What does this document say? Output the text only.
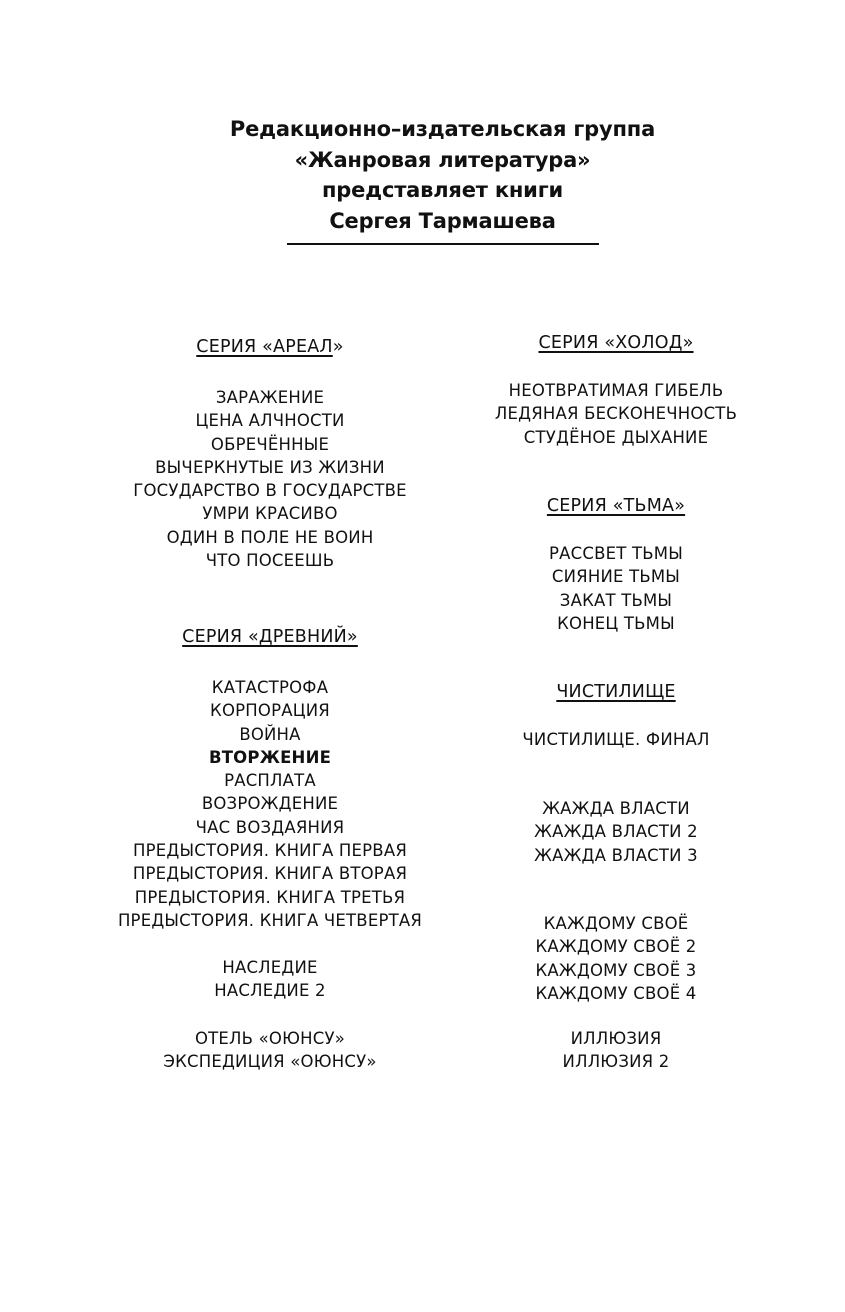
Редакционно–издательская группа
«Жанровая литература»
представляет книги
Сергея Тармашева
СЕРИЯ «АРЕАЛ»
ЗАРАЖЕНИЕ
ЦЕНА АЛЧНОСТИ
ОБРЕЧЁННЫЕ
ВЫЧЕРКНУТЫЕ ИЗ ЖИЗНИ
ГОСУДАРСТВО В ГОСУДАРСТВЕ
УМРИ КРАСИВО
ОДИН В ПОЛЕ НЕ ВОИН
ЧТО ПОСЕЕШЬ
СЕРИЯ «ДРЕВНИЙ»
КАТАСТРОФА
КОРПОРАЦИЯ
ВОЙНА
ВТОРЖЕНИЕ
РАСПЛАТА
ВОЗРОЖДЕНИЕ
ЧАС ВОЗДАЯНИЯ
ПРЕДЫСТОРИЯ. КНИГА ПЕРВАЯ
ПРЕДЫСТОРИЯ. КНИГА ВТОРАЯ
ПРЕДЫСТОРИЯ. КНИГА ТРЕТЬЯ
ПРЕДЫСТОРИЯ. КНИГА ЧЕТВЕРТАЯ
НАСЛЕДИЕ
НАСЛЕДИЕ 2
ОТЕЛЬ «ОЮНСУ»
ЭКСПЕДИЦИЯ «ОЮНСУ»
СЕРИЯ «ХОЛОД»
НЕОТВРАТИМАЯ ГИБЕЛЬ
ЛЕДЯНАЯ БЕСКОНЕЧНОСТЬ
СТУДЁНОЕ ДЫХАНИЕ
СЕРИЯ «ТЬМА»
РАССВЕТ ТЬМЫ
СИЯНИЕ ТЬМЫ
ЗАКАТ ТЬМЫ
КОНЕЦ ТЬМЫ
ЧИСТИЛИЩЕ
ЧИСТИЛИЩЕ. ФИНАЛ
ЖАЖДА ВЛАСТИ
ЖАЖДА ВЛАСТИ 2
ЖАЖДА ВЛАСТИ 3
КАЖДОМУ СВОЁ
КАЖДОМУ СВОЁ 2
КАЖДОМУ СВОЁ 3
КАЖДОМУ СВОЁ 4
ИЛЛЮЗИЯ
ИЛЛЮЗИЯ 2
